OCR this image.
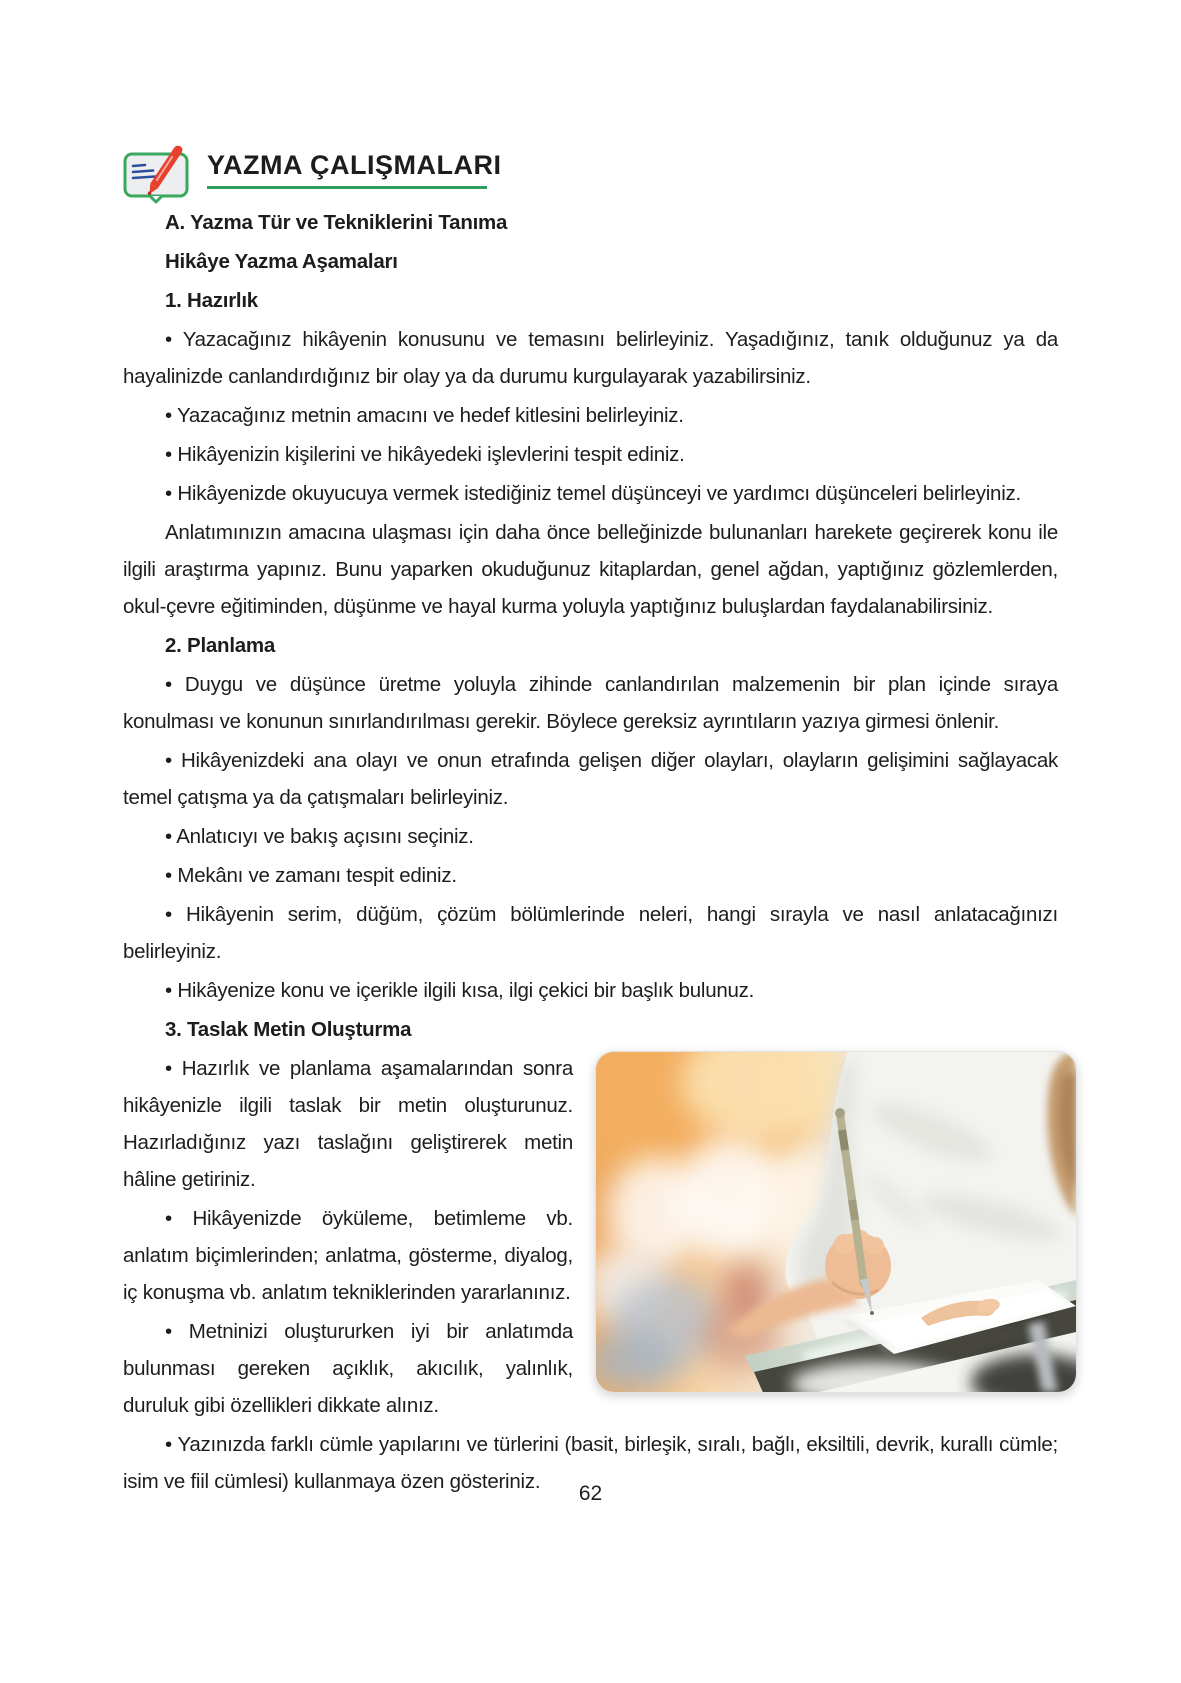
YAZMA ÇALIŞMALARI

A. Yazma Tür ve Tekniklerini Tanıma

Hikâye Yazma Aşamaları

1. Hazırlık

• Yazacağınız hikâyenin konusunu ve temasını belirleyiniz. Yaşadığınız, tanık olduğunuz ya da hayalinizde canlandırdığınız bir olay ya da durumu kurgulayarak yazabilirsiniz.

• Yazacağınız metnin amacını ve hedef kitlesini belirleyiniz.

• Hikâyenizin kişilerini ve hikâyedeki işlevlerini tespit ediniz.

• Hikâyenizde okuyucuya vermek istediğiniz temel düşünceyi ve yardımcı düşünceleri belirleyiniz.

Anlatımınızın amacına ulaşması için daha önce belleğinizde bulunanları harekete geçirerek konu ile ilgili araştırma yapınız. Bunu yaparken okuduğunuz kitaplardan, genel ağdan, yaptığınız gözlemlerden, okul-çevre eğitiminden, düşünme ve hayal kurma yoluyla yaptığınız buluşlardan faydalanabilirsiniz.

2. Planlama

• Duygu ve düşünce üretme yoluyla zihinde canlandırılan malzemenin bir plan içinde sıraya konulması ve konunun sınırlandırılması gerekir. Böylece gereksiz ayrıntıların yazıya girmesi önlenir.

• Hikâyenizdeki ana olayı ve onun etrafında gelişen diğer olayları, olayların gelişimini sağlayacak temel çatışma ya da çatışmaları belirleyiniz.

• Anlatıcıyı ve bakış açısını seçiniz.

• Mekânı ve zamanı tespit ediniz.

• Hikâyenin serim, düğüm, çözüm bölümlerinde neleri, hangi sırayla ve nasıl anlatacağınızı belirleyiniz.

• Hikâyenize konu ve içerikle ilgili kısa, ilgi çekici bir başlık bulunuz.

3. Taslak Metin Oluşturma

• Hazırlık ve planlama aşamalarından sonra hikâyenizle ilgili taslak bir metin oluşturunuz. Hazırladığınız yazı taslağını geliştirerek metin hâline getiriniz.

• Hikâyenizde öyküleme, betimleme vb. anlatım biçimlerinden; anlatma, gösterme, diyalog, iç konuşma vb. anlatım tekniklerinden yararlanınız.

• Metninizi oluştururken iyi bir anlatımda bulunması gereken açıklık, akıcılık, yalınlık, duruluk gibi özellikleri dikkate alınız.

• Yazınızda farklı cümle yapılarını ve türlerini (basit, birleşik, sıralı, bağlı, eksiltili, devrik, kurallı cümle; isim ve fiil cümlesi) kullanmaya özen gösteriniz.

62
